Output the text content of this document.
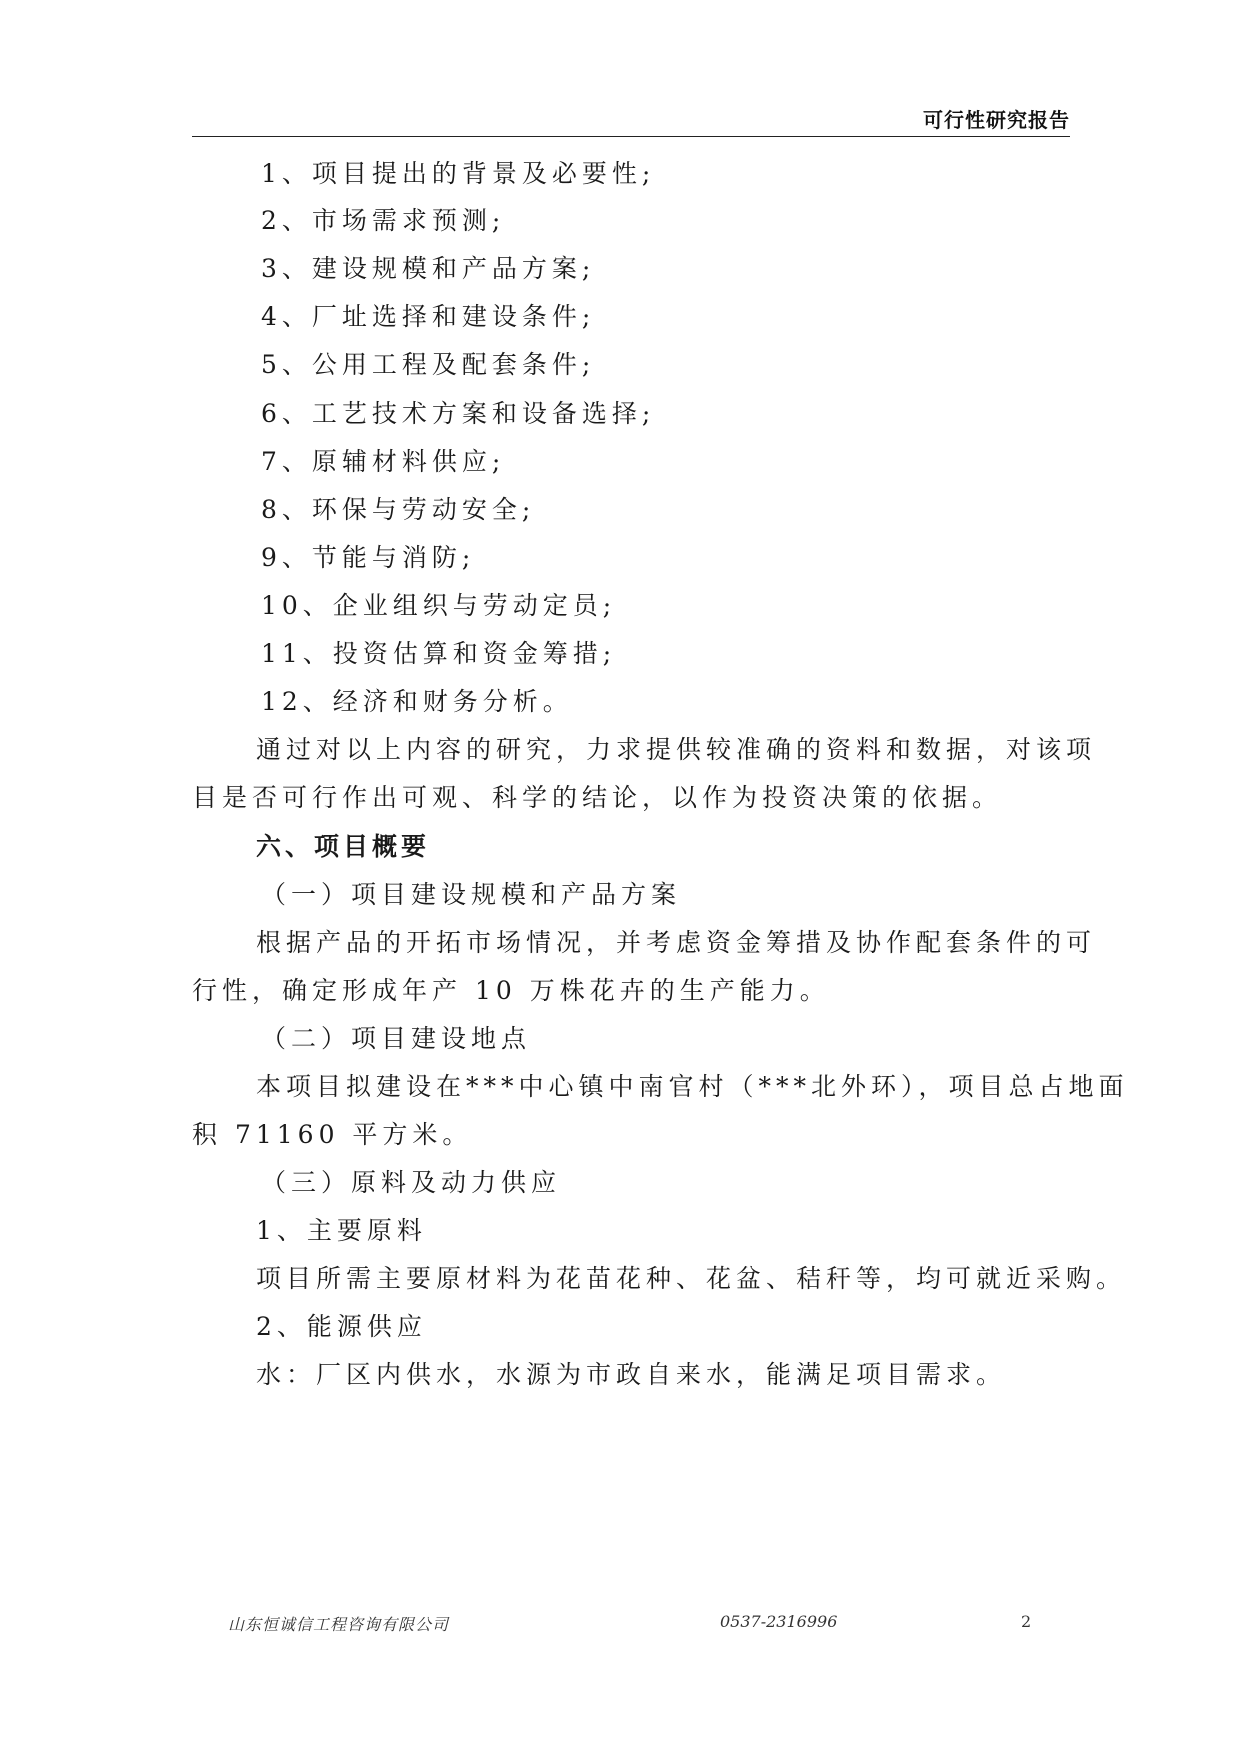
可行性研究报告
1、项目提出的背景及必要性;
2、市场需求预测;
3、建设规模和产品方案;
4、厂址选择和建设条件;
5、公用工程及配套条件;
6、工艺技术方案和设备选择;
7、原辅材料供应;
8、环保与劳动安全;
9、节能与消防;
10、企业组织与劳动定员;
11、投资估算和资金筹措;
12、经济和财务分析。
通过对以上内容的研究，力求提供较准确的资料和数据，对该项
目是否可行作出可观、科学的结论，以作为投资决策的依据。
六、项目概要
（一）项目建设规模和产品方案
根据产品的开拓市场情况，并考虑资金筹措及协作配套条件的可
行性，确定形成年产 10 万株花卉的生产能力。
（二）项目建设地点
本项目拟建设在***中心镇中南官村（***北外环），项目总占地面
积 71160 平方米。
（三）原料及动力供应
1、主要原料
项目所需主要原材料为花苗花种、花盆、秸秆等，均可就近采购。
2、能源供应
水：厂区内供水，水源为市政自来水，能满足项目需求。
山东恒诚信工程咨询有限公司	0537-2316996	2
